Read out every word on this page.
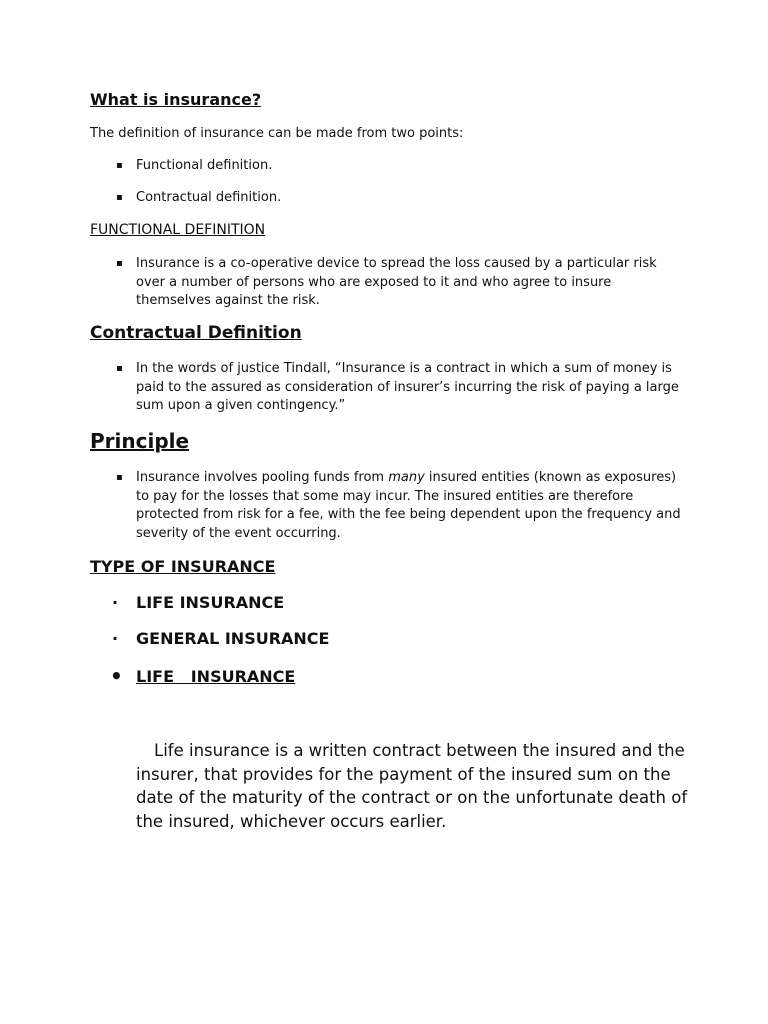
What is insurance?

The definition of insurance can be made from two points:

▪ Functional definition.
▪ Contractual definition.
FUNCTIONAL DEFINITION
▪ Insurance is a co-operative device to spread the loss caused by a particular risk over a number of persons who are exposed to it and who agree to insure themselves against the risk.
Contractual Definition
▪ In the words of justice Tindall, “Insurance is a contract in which a sum of money is paid to the assured as consideration of insurer’s incurring the risk of paying a large sum upon a given contingency.”
Principle
▪ Insurance involves pooling funds from many insured entities (known as exposures) to pay for the losses that some may incur. The insured entities are therefore protected from risk for a fee, with the fee being dependent upon the frequency and severity of the event occurring.
TYPE OF INSURANCE
· LIFE INSURANCE
· GENERAL INSURANCE
• LIFE   INSURANCE

Life insurance is a written contract between the insured and the insurer, that provides for the payment of the insured sum on the date of the maturity of the contract or on the unfortunate death of the insured, whichever occurs earlier.
